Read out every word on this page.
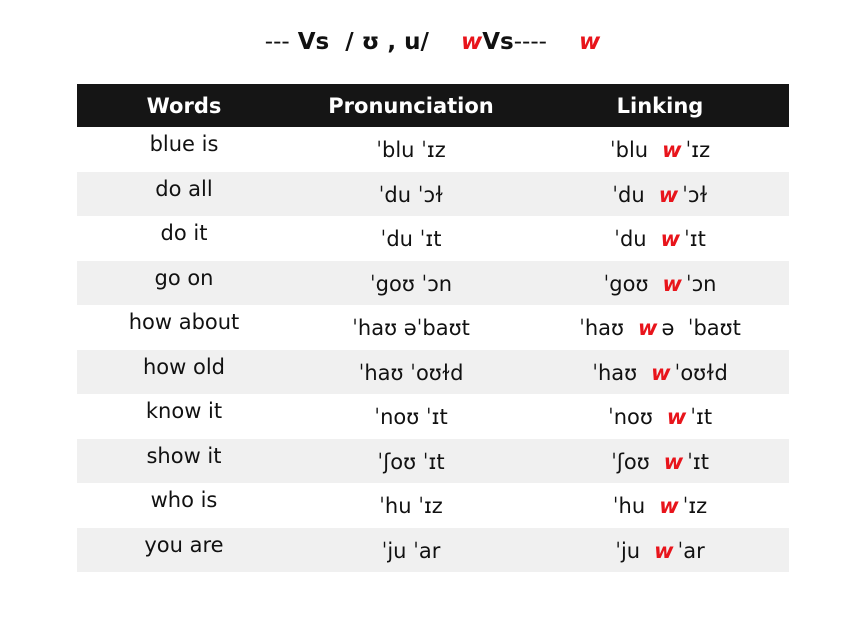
--- Vs / ʊ , u/ wVs---- w
Words	Pronunciation	Linking
blue is	ˈblu ˈɪz	ˈblu w ˈɪz
do all	ˈdu ˈɔɫ	ˈdu w ˈɔɫ
do it	ˈdu ˈɪt	ˈdu w ˈɪt
go on	ˈgoʊ ˈɔn	ˈgoʊ w ˈɔn
how about	ˈhaʊ əˈbaʊt	ˈhaʊ w ə  ˈbaʊt
how old	ˈhaʊ ˈoʊɫd	ˈhaʊ w ˈoʊɫd
know it	ˈnoʊ ˈɪt	ˈnoʊ w ˈɪt
show it	ˈʃoʊ ˈɪt	ˈʃoʊ w ˈɪt
who is	ˈhu ˈɪz	ˈhu w ˈɪz
you are	ˈju ˈar	ˈju w ˈar
